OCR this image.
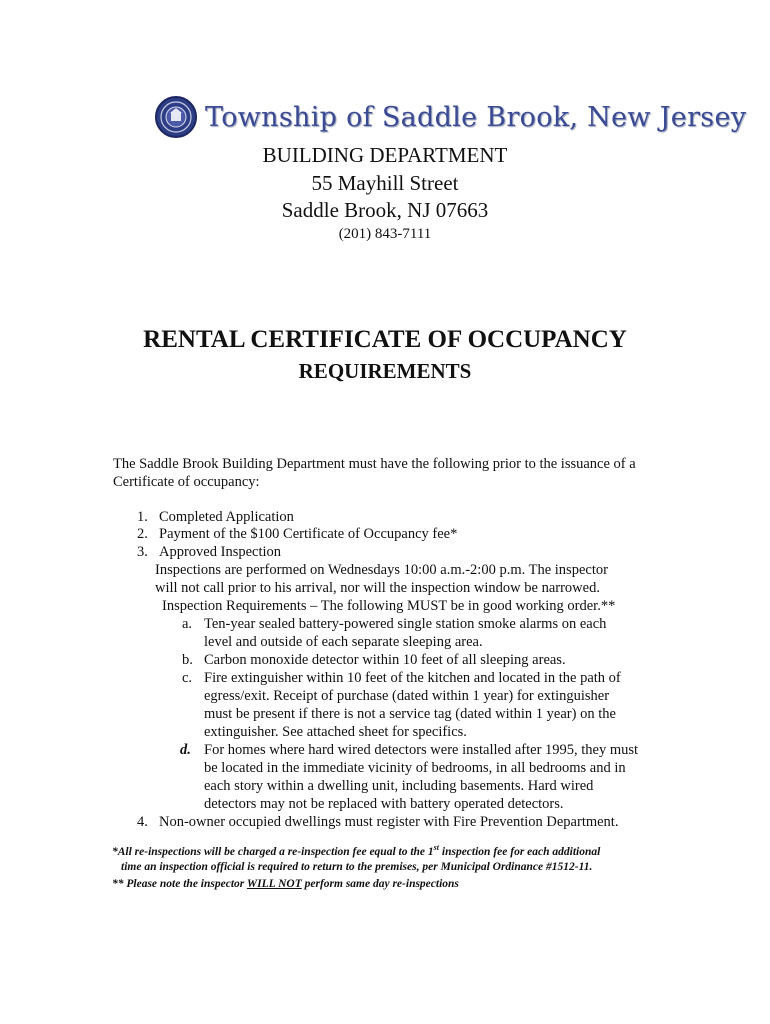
Township of Saddle Brook, New Jersey
BUILDING DEPARTMENT
55 Mayhill Street
Saddle Brook, NJ 07663
(201) 843-7111
RENTAL CERTIFICATE OF OCCUPANCY
REQUIREMENTS
The Saddle Brook Building Department must have the following prior to the issuance of a Certificate of occupancy:
1. Completed Application
2. Payment of the $100 Certificate of Occupancy fee*
3. Approved Inspection
Inspections are performed on Wednesdays 10:00 a.m.-2:00 p.m. The inspector
will not call prior to his arrival, nor will the inspection window be narrowed.
Inspection Requirements – The following MUST be in good working order.**
a. Ten-year sealed battery-powered single station smoke alarms on each
level and outside of each separate sleeping area.
b. Carbon monoxide detector within 10 feet of all sleeping areas.
c. Fire extinguisher within 10 feet of the kitchen and located in the path of
egress/exit. Receipt of purchase (dated within 1 year) for extinguisher
must be present if there is not a service tag (dated within 1 year) on the
extinguisher. See attached sheet for specifics.
d. For homes where hard wired detectors were installed after 1995, they must
be located in the immediate vicinity of bedrooms, in all bedrooms and in
each story within a dwelling unit, including basements. Hard wired
detectors may not be replaced with battery operated detectors.
4. Non-owner occupied dwellings must register with Fire Prevention Department.
*All re-inspections will be charged a re-inspection fee equal to the 1st inspection fee for each additional
time an inspection official is required to return to the premises, per Municipal Ordinance #1512-11.
** Please note the inspector WILL NOT perform same day re-inspections
